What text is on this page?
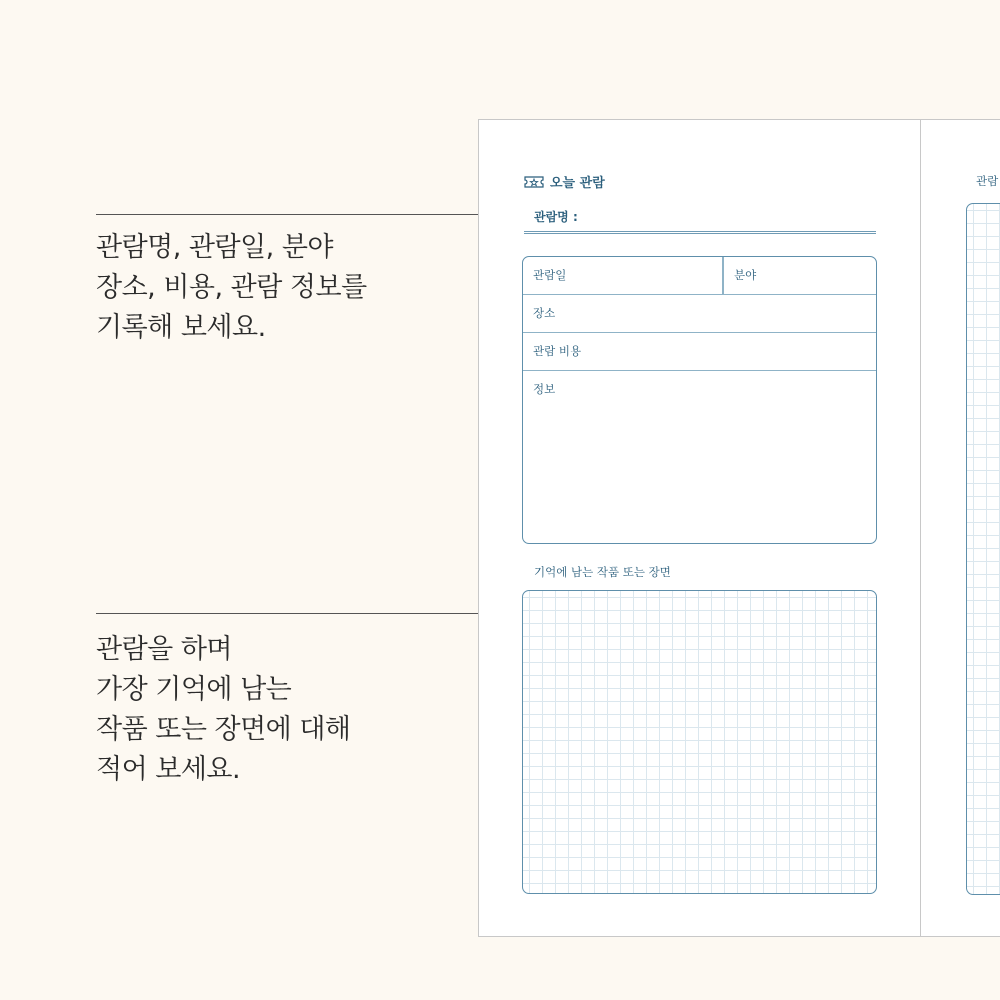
관람명, 관람일, 분야
장소, 비용, 관람 정보를
기록해 보세요.

관람을 하며
가장 기억에 남는
작품 또는 장면에 대해
적어 보세요.

오늘 관람
관람명 :
관람일	분야
장소
관람 비용
정보
기억에 남는 작품 또는 장면
관람
